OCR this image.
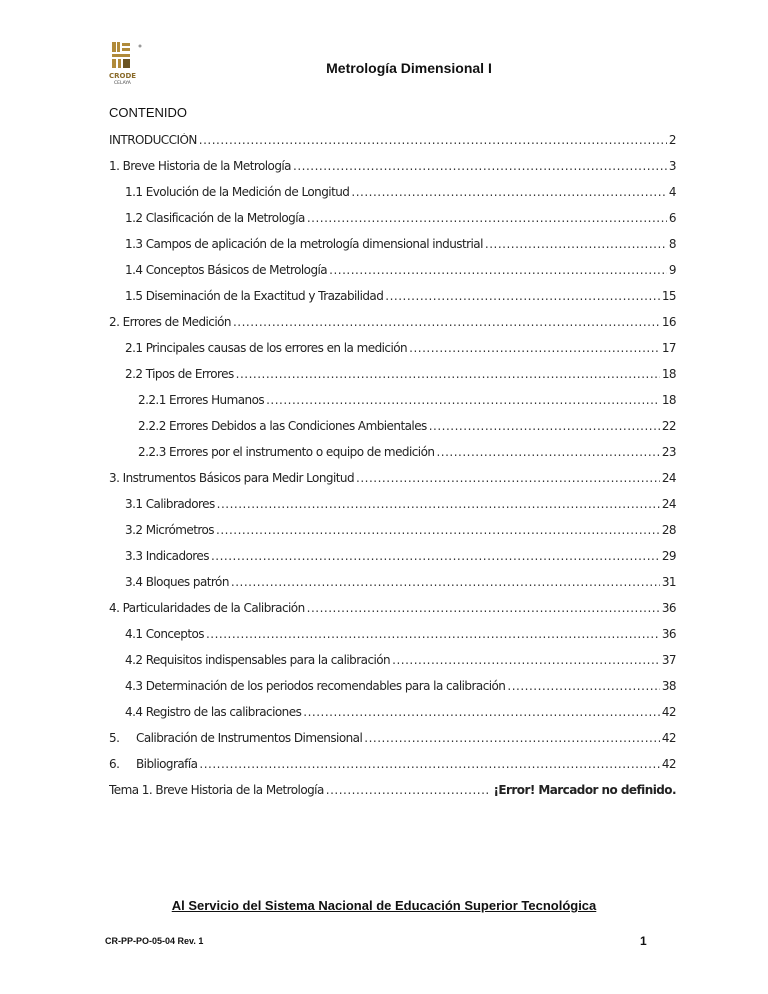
CRODE
CELAYA
Metrología Dimensional I
CONTENIDO
INTRODUCCIÓN .....	2
1. Breve Historia de la Metrología .....	3
1.1 Evolución de la Medición de Longitud .....	4
1.2 Clasificación de la Metrología .....	6
1.3 Campos de aplicación de la metrología dimensional industrial .....	8
1.4 Conceptos Básicos de Metrología .....	9
1.5 Diseminación de la Exactitud y Trazabilidad .....	15
2. Errores de Medición .....	16
2.1 Principales causas de los errores en la medición .....	17
2.2 Tipos de Errores .....	18
2.2.1 Errores Humanos .....	18
2.2.2 Errores Debidos a las Condiciones Ambientales .....	22
2.2.3 Errores por el instrumento o equipo de medición .....	23
3. Instrumentos Básicos para Medir Longitud .....	24
3.1 Calibradores .....	24
3.2 Micrómetros .....	28
3.3 Indicadores .....	29
3.4 Bloques patrón .....	31
4. Particularidades de la Calibración .....	36
4.1 Conceptos .....	36
4.2 Requisitos indispensables para la calibración .....	37
4.3 Determinación de los periodos recomendables para la calibración .....	38
4.4 Registro de las calibraciones .....	42
5. Calibración de Instrumentos Dimensional .....	42
6. Bibliografía .....	42
Tema 1. Breve Historia de la Metrología .....	¡Error! Marcador no definido.
Al Servicio del Sistema Nacional de Educación Superior Tecnológica
CR-PP-PO-05-04 Rev. 1	1
